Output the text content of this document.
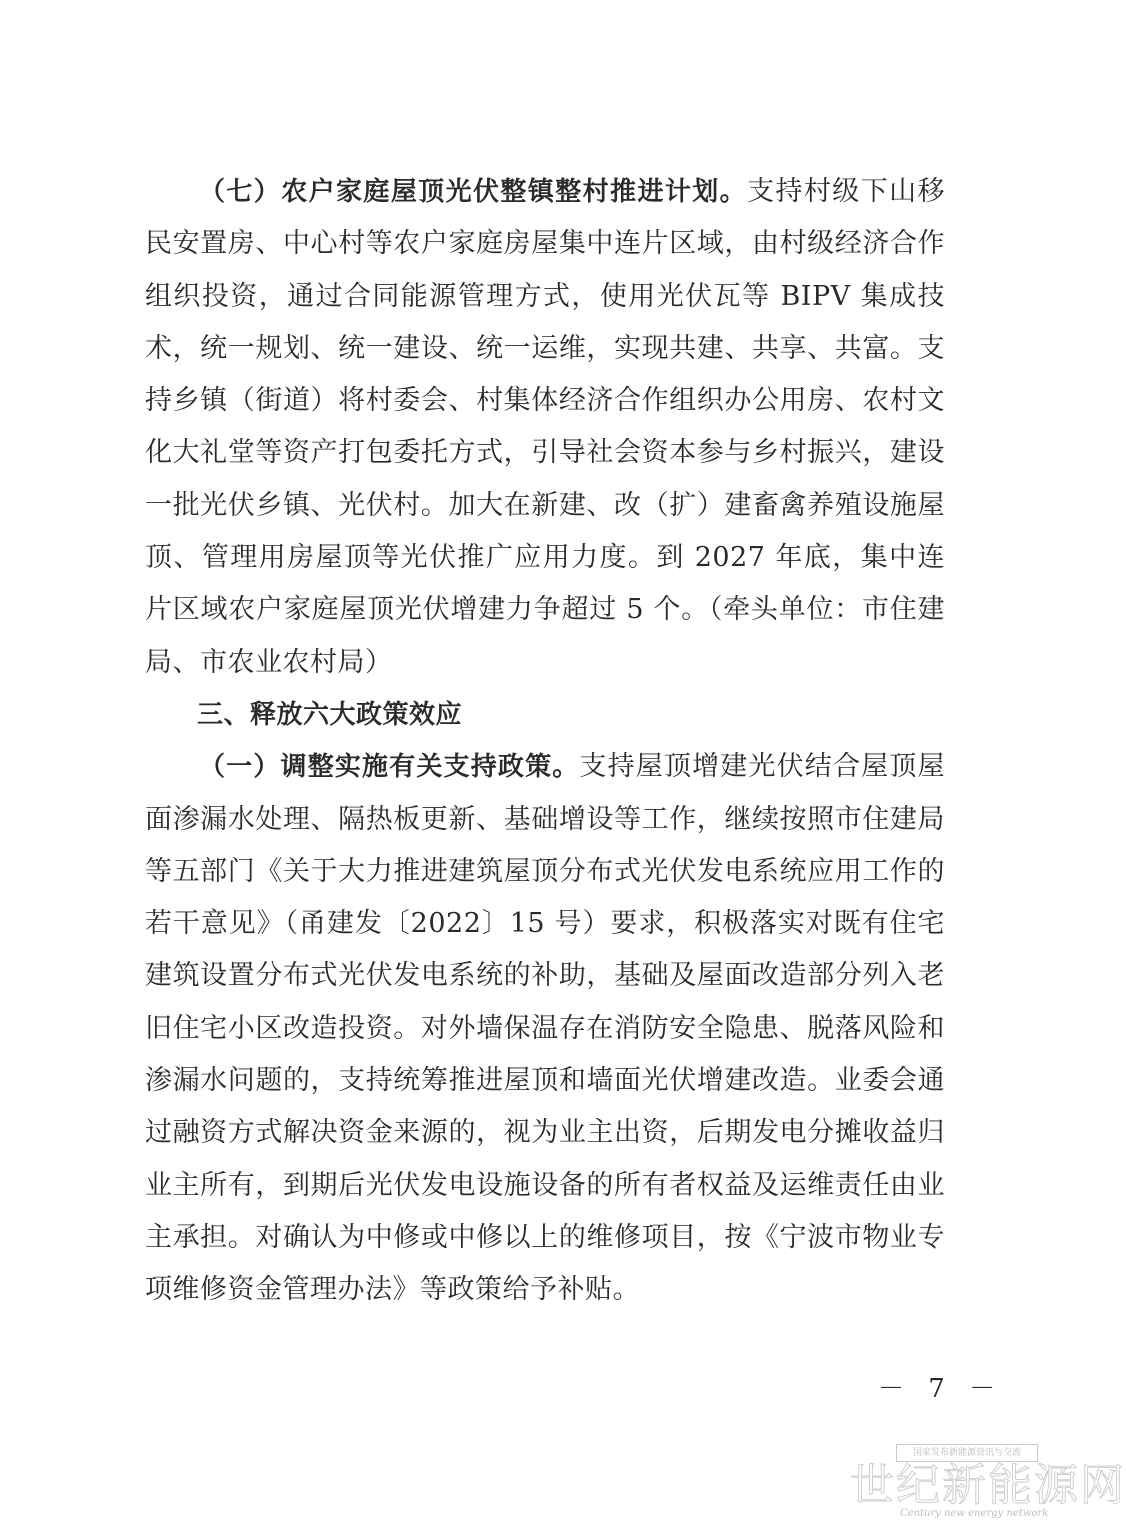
（七）农户家庭屋顶光伏整镇整村推进计划。支持村级下山移民安置房、中心村等农户家庭房屋集中连片区域，由村级经济合作组织投资，通过合同能源管理方式，使用光伏瓦等 BIPV 集成技术，统一规划、统一建设、统一运维，实现共建、共享、共富。支持乡镇（街道）将村委会、村集体经济合作组织办公用房、农村文化大礼堂等资产打包委托方式，引导社会资本参与乡村振兴，建设一批光伏乡镇、光伏村。加大在新建、改（扩）建畜禽养殖设施屋顶、管理用房屋顶等光伏推广应用力度。到 2027 年底，集中连片区域农户家庭屋顶光伏增建力争超过 5 个。（牵头单位：市住建局、市农业农村局）

三、释放六大政策效应

（一）调整实施有关支持政策。支持屋顶增建光伏结合屋顶屋面渗漏水处理、隔热板更新、基础增设等工作，继续按照市住建局等五部门《关于大力推进建筑屋顶分布式光伏发电系统应用工作的若干意见》（甬建发〔2022〕15 号）要求，积极落实对既有住宅建筑设置分布式光伏发电系统的补助，基础及屋面改造部分列入老旧住宅小区改造投资。对外墙保温存在消防安全隐患、脱落风险和渗漏水问题的，支持统筹推进屋顶和墙面光伏增建改造。业委会通过融资方式解决资金来源的，视为业主出资，后期发电分摊收益归业主所有，到期后光伏发电设施设备的所有者权益及运维责任由业主承担。对确认为中修或中修以上的维修项目，按《宁波市物业专项维修资金管理办法》等政策给予补贴。

－ 7 －
国家发布新能源资讯与交流
世纪新能源网
Century new energy network
